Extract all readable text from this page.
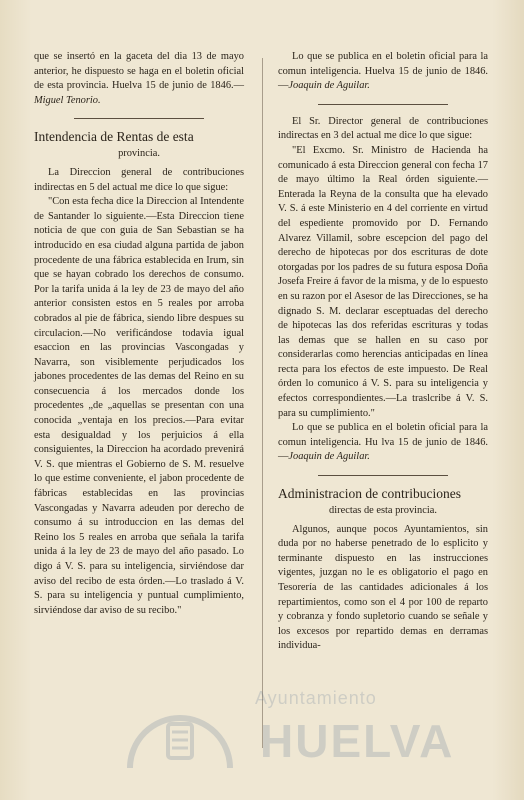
que se insertó en la gaceta del dia 13 de mayo anterior, he dispuesto se haga en el boletin oficial de esta provincia. Huelva 15 de junio de 1846.—Miguel Tenorio.

Intendencia de Rentas de esta
provincia.

La Direccion general de contribuciones indirectas en 5 del actual me dice lo que sigue:

"Con esta fecha dice la Direccion al Intendente de Santander lo siguiente.—Esta Direccion tiene noticia de que con guia de San Sebastian se ha introducido en esa ciudad alguna partida de jabon procedente de una fábrica establecida en Irum, sin que se hayan cobrado los derechos de consumo. Por la tarifa unida á la ley de 23 de mayo del año anterior consisten estos en 5 reales por arroba cobrados al pie de fábrica, siendo libre despues su circulacion.—No verificándose todavia igual esaccion en las provincias Vascongadas y Navarra, son visiblemente perjudicados los jabones procedentes de las demas del Reino en su consecuencia á los mercados donde los procedentes „de „aquellas se presentan con una conocida „ventaja en los precios.—Para evitar esta desigualdad y los perjuicios á ella consiguientes, la Direccion ha acordado prevenirá V. S. que mientras el Gobierno de S. M. resuelve lo que estime conveniente, el jabon procedente de fábricas establecidas en las provincias Vascongadas y Navarra adeuden por derecho de consumo á su introduccion en las demas del Reino los 5 reales en arroba que señala la tarifa unida á la ley de 23 de mayo del año pasado. Lo digo á V. S. para su inteligencia, sirviéndose dar aviso del recibo de esta órden.—Lo traslado á V. S. para su inteligencia y puntual cumplimiento, sirviéndose dar aviso de su recibo."

Lo que se publica en el boletin oficial para la comun inteligencia. Huelva 15 de junio de 1846.—Joaquin de Aguilar.

El Sr. Director general de contribuciones indirectas en 3 del actual me dice lo que sigue:

"El Excmo. Sr. Ministro de Hacienda ha comunicado á esta Direccion general con fecha 17 de mayo último la Real órden siguiente.—Enterada la Reyna de la consulta que ha elevado V. S. á este Ministerio en 4 del corriente en virtud del espediente promovido por D. Fernando Alvarez Villamil, sobre escepcion del pago del derecho de hipotecas por dos escrituras de dote otorgadas por los padres de su futura esposa Doña Josefa Freire á favor de la misma, y de lo espuesto en su razon por el Asesor de las Direcciones, se ha dignado S. M. declarar esceptuadas del derecho de hipotecas las dos referidas escrituras y todas las demas que se hallen en su caso por considerarlas como herencias anticipadas en línea recta para los efectos de este impuesto. De Real órden lo comunico á V. S. para su inteligencia y efectos correspondientes.—La traslcribe á V. S. para su cumplimiento."

Lo que se publica en el boletin oficial para la comun inteligencia. Hu lva 15 de junio de 1846.—Joaquin de Aguilar.

Administracion de contribuciones
directas de esta provincia.

Algunos, aunque pocos Ayuntamientos, sin duda por no haberse penetrado de lo esplicito y terminante dispuesto en las instrucciones vigentes, juzgan no le es obligatorio el pago en Tesorería de las cantidades adicionales á los repartimientos, como son el 4 por 100 de reparto y cobranza y fondo supletorio cuando se señale y los excesos por repartido demas en derramas individua-

Ayuntamiento
HUELVA
